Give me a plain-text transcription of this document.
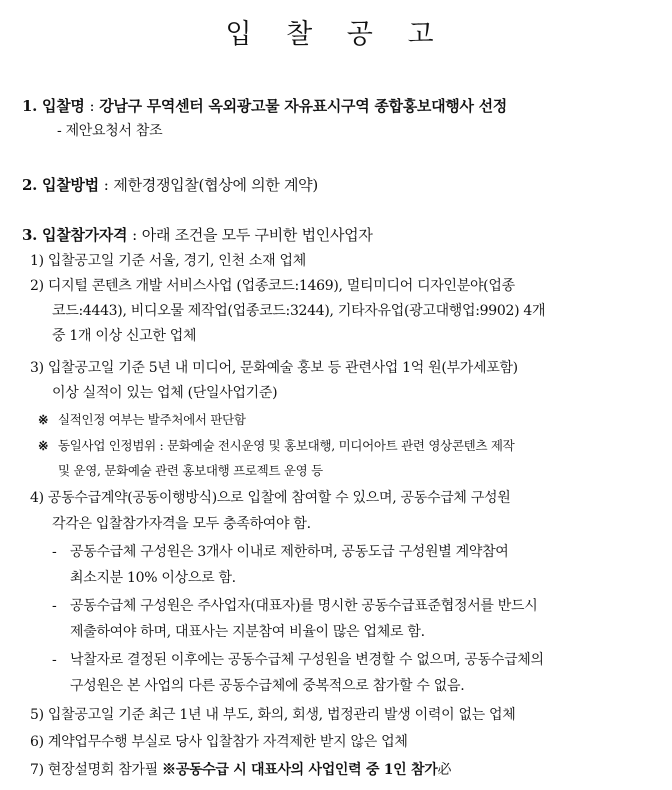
입 찰 공 고
1. 입찰명 : 강남구 무역센터 옥외광고물 자유표시구역 종합홍보대행사 선정
- 제안요청서 참조
2. 입찰방법 : 제한경쟁입찰(협상에 의한 계약)
3. 입찰참가자격 : 아래 조건을 모두 구비한 법인사업자
1) 입찰공고일 기준 서울, 경기, 인천 소재 업체
2) 디지털 콘텐츠 개발 서비스사업 (업종코드:1469), 멀티미디어 디자인분야(업종
코드:4443), 비디오물 제작업(업종코드:3244), 기타자유업(광고대행업:9902) 4개
중 1개 이상 신고한 업체
3) 입찰공고일 기준 5년 내 미디어, 문화예술 홍보 등 관련사업 1억 원(부가세포함)
이상 실적이 있는 업체 (단일사업기준)
※ 실적인정 여부는 발주처에서 판단함
※ 동일사업 인정범위 : 문화예술 전시운영 및 홍보대행, 미디어아트 관련 영상콘텐츠 제작
및 운영, 문화예술 관련 홍보대행 프로젝트 운영 등
4) 공동수급계약(공동이행방식)으로 입찰에 참여할 수 있으며, 공동수급체 구성원
각각은 입찰참가자격을 모두 충족하여야 함.
- 공동수급체 구성원은 3개사 이내로 제한하며, 공동도급 구성원별 계약참여
최소지분 10% 이상으로 함.
- 공동수급체 구성원은 주사업자(대표자)를 명시한 공동수급표준협정서를 반드시
제출하여야 하며, 대표사는 지분참여 비율이 많은 업체로 함.
- 낙찰자로 결정된 이후에는 공동수급체 구성원을 변경할 수 없으며, 공동수급체의
구성원은 본 사업의 다른 공동수급체에 중복적으로 참가할 수 없음.
5) 입찰공고일 기준 최근 1년 내 부도, 화의, 회생, 법정관리 발생 이력이 없는 업체
6) 계약업무수행 부실로 당사 입찰참가 자격제한 받지 않은 업체
7) 현장설명회 참가필 ※공동수급 시 대표사의 사업인력 중 1인 참가必
